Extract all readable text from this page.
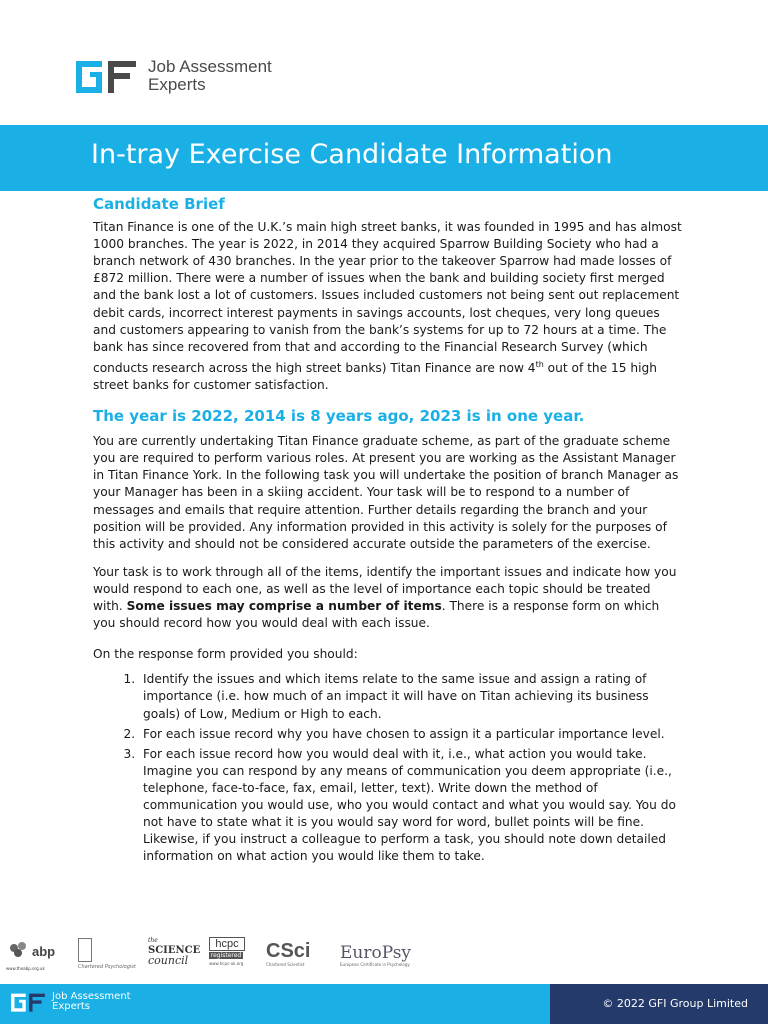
Job Assessment
Experts
In-tray Exercise Candidate Information
Candidate Brief

Titan Finance is one of the U.K.’s main high street banks, it was founded in 1995 and has almost 1000 branches. The year is 2022, in 2014 they acquired Sparrow Building Society who had a branch network of 430 branches. In the year prior to the takeover Sparrow had made losses of £872 million. There were a number of issues when the bank and building society first merged and the bank lost a lot of customers. Issues included customers not being sent out replacement debit cards, incorrect interest payments in savings accounts, lost cheques, very long queues and customers appearing to vanish from the bank’s systems for up to 72 hours at a time. The bank has since recovered from that and according to the Financial Research Survey (which conducts research across the high street banks) Titan Finance are now 4th out of the 15 high street banks for customer satisfaction.

The year is 2022, 2014 is 8 years ago, 2023 is in one year.

You are currently undertaking Titan Finance graduate scheme, as part of the graduate scheme you are required to perform various roles. At present you are working as the Assistant Manager in Titan Finance York. In the following task you will undertake the position of branch Manager as your Manager has been in a skiing accident. Your task will be to respond to a number of messages and emails that require attention. Further details regarding the branch and your position will be provided. Any information provided in this activity is solely for the purposes of this activity and should not be considered accurate outside the parameters of the exercise.

Your task is to work through all of the items, identify the important issues and indicate how you would respond to each one, as well as the level of importance each topic should be treated with. Some issues may comprise a number of items. There is a response form on which you should record how you would deal with each issue.

On the response form provided you should:

1. Identify the issues and which items relate to the same issue and assign a rating of importance (i.e. how much of an impact it will have on Titan achieving its business goals) of Low, Medium or High to each.
2. For each issue record why you have chosen to assign it a particular importance level.
3. For each issue record how you would deal with it, i.e., what action you would take. Imagine you can respond by any means of communication you deem appropriate (i.e., telephone, face-to-face, fax, email, letter, text). Write down the method of communication you would use, who you would contact and what you would say. You do not have to state what it is you would say word for word, bullet points will be fine. Likewise, if you instruct a colleague to perform a task, you should note down detailed information on what action you would like them to take.
abp
www.theabp.org.uk	Chartered Psychologist
the
SCIENCE
council
hcpc
registered
www.hcpc-uk.org
CSci
Chartered Scientist
EuroPsy
European Certificate in Psychology
Job Assessment
Experts	© 2022 GFI Group Limited
